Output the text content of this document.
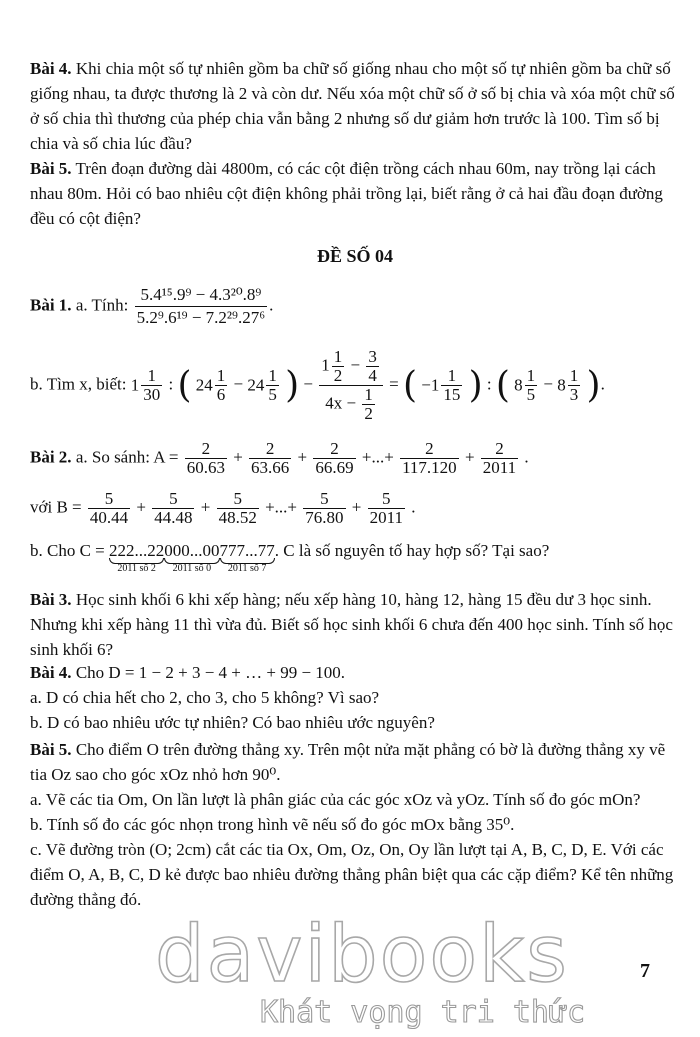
Bài 4. Khi chia một số tự nhiên gồm ba chữ số giống nhau cho một số tự nhiên gồm ba chữ số giống nhau, ta được thương là 2 và còn dư. Nếu xóa một chữ số ở số bị chia và xóa một chữ số ở số chia thì thương của phép chia vẫn bằng 2 nhưng số dư giảm hơn trước là 100. Tìm số bị chia và số chia lúc đầu?
Bài 5. Trên đoạn đường dài 4800m, có các cột điện trồng cách nhau 60m, nay trồng lại cách nhau 80m. Hỏi có bao nhiêu cột điện không phải trồng lại, biết rằng ở cả hai đầu đoạn đường đều có cột điện?
ĐỀ SỐ 04
Bài 1. a. Tính: $\frac{\text{5.4¹⁵.9⁹ − 4.3²⁰.8⁹}}{\text{5.2⁹.6¹⁹ − 7.2²⁹.27⁶}}$ .
b. Tìm x, biết: $1 \frac{1}{30}$ : ( $24 \frac{1}{6} - 24 \frac{1}{5}$ ) − $\frac{1 \frac{1}{2} - \frac{3}{4}}{4x - \frac{1}{2}}$ = ( $-1 \frac{1}{15}$ ) : ( $8 \frac{1}{5} - 8 \frac{1}{3}$ ).
Bài 2. a. So sánh: $A = \frac{2}{60.63} + \frac{2}{63.66} + \frac{2}{66.69}$ +...+ $\frac{2}{117.120} + \frac{2}{2011}$ .
với $B = \frac{5}{40.44} + \frac{5}{44.48} + \frac{5}{48.52}$ +...+ $\frac{5}{76.80} + \frac{5}{2011}$ .
b. Cho C = 222...22
2011 số 2
000...00
2011 số 0
777...77
2011 số 7
. C là số nguyên tố hay hợp số? Tại sao?
Bài 3. Học sinh khối 6 khi xếp hàng; nếu xếp hàng 10, hàng 12, hàng 15 đều dư 3 học sinh. Nhưng khi xếp hàng 11 thì vừa đủ. Biết số học sinh khối 6 chưa đến 400 học sinh. Tính số học sinh khối 6?
Bài 4. Cho D = 1 − 2 + 3 − 4 + … + 99 − 100.
a. D có chia hết cho 2, cho 3, cho 5 không? Vì sao?
b. D có bao nhiêu ước tự nhiên? Có bao nhiêu ước nguyên?
Bài 5. Cho điểm O trên đường thẳng xy. Trên một nửa mặt phẳng có bờ là đường thẳng xy vẽ tia Oz sao cho góc xOz nhỏ hơn 90⁰.
a. Vẽ các tia Om, On lần lượt là phân giác của các góc xOz và yOz. Tính số đo góc mOn?
b. Tính số đo các góc nhọn trong hình vẽ nếu số đo góc mOx bằng 35⁰.
c. Vẽ đường tròn (O; 2cm) cắt các tia Ox, Om, Oz, On, Oy lần lượt tại A, B, C, D, E. Với các điểm O, A, B, C, D kẻ được bao nhiêu đường thẳng phân biệt qua các cặp điểm? Kể tên những đường thẳng đó.
7
davibooks
Khát vọng tri thức
